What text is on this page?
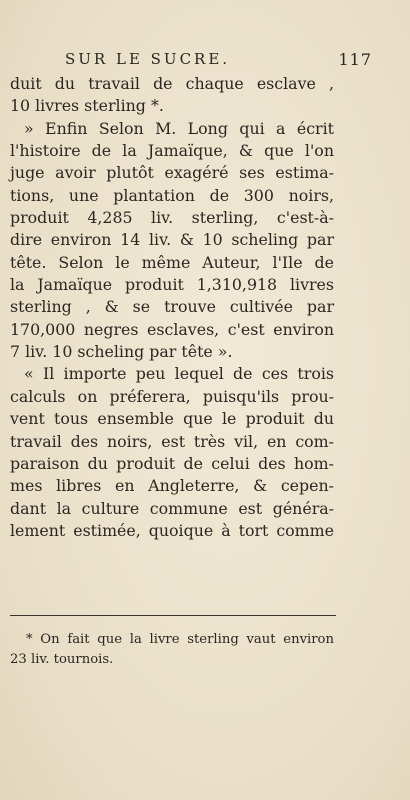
SUR LE SUCRE.	117
duit du travail de chaque esclave ,
10 livres sterling *.
» Enfin Selon M. Long qui a écrit
l'histoire de la Jamaïque, & que l'on
juge avoir plutôt exagéré ses estima-
tions, une plantation de 300 noirs,
produit 4,285 liv. sterling, c'est-à-
dire environ 14 liv. & 10 scheling par
tête. Selon le même Auteur, l'Ile de
la Jamaïque produit 1,310,918 livres
sterling , & se trouve cultivée par
170,000 negres esclaves, c'est environ
7 liv. 10 scheling par tête ».
« Il importe peu lequel de ces trois
calculs on préferera, puisqu'ils prou-
vent tous ensemble que le produit du
travail des noirs, est très vil, en com-
paraison du produit de celui des hom-
mes libres en Angleterre, & cepen-
dant la culture commune est généra-
lement estimée, quoique à tort comme
* On fait que la livre sterling vaut environ
23 liv. tournois.
